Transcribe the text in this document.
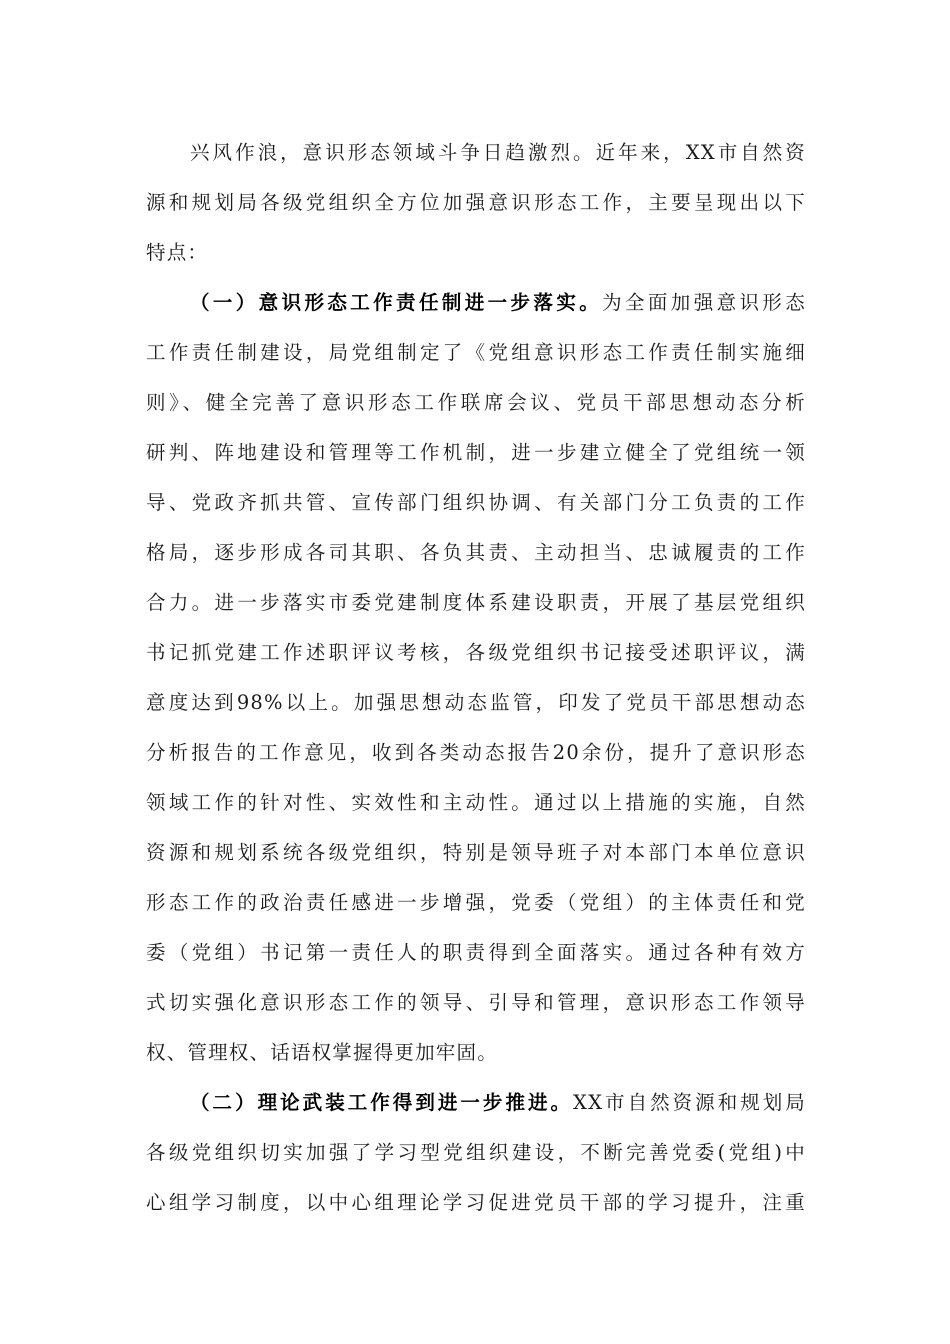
兴风作浪，意识形态领域斗争日趋激烈。近年来，XX市自然资
源和规划局各级党组织全方位加强意识形态工作，主要呈现出以下
特点：
（一）意识形态工作责任制进一步落实。为全面加强意识形态
工作责任制建设，局党组制定了《党组意识形态工作责任制实施细
则》、健全完善了意识形态工作联席会议、党员干部思想动态分析
研判、阵地建设和管理等工作机制，进一步建立健全了党组统一领
导、党政齐抓共管、宣传部门组织协调、有关部门分工负责的工作
格局，逐步形成各司其职、各负其责、主动担当、忠诚履责的工作
合力。进一步落实市委党建制度体系建设职责，开展了基层党组织
书记抓党建工作述职评议考核，各级党组织书记接受述职评议，满
意度达到98%以上。加强思想动态监管，印发了党员干部思想动态
分析报告的工作意见，收到各类动态报告20余份，提升了意识形态
领域工作的针对性、实效性和主动性。通过以上措施的实施，自然
资源和规划系统各级党组织，特别是领导班子对本部门本单位意识
形态工作的政治责任感进一步增强，党委（党组）的主体责任和党
委（党组）书记第一责任人的职责得到全面落实。通过各种有效方
式切实强化意识形态工作的领导、引导和管理，意识形态工作领导
权、管理权、话语权掌握得更加牢固。
（二）理论武装工作得到进一步推进。XX市自然资源和规划局
各级党组织切实加强了学习型党组织建设，不断完善党委(党组)中
心组学习制度，以中心组理论学习促进党员干部的学习提升，注重
